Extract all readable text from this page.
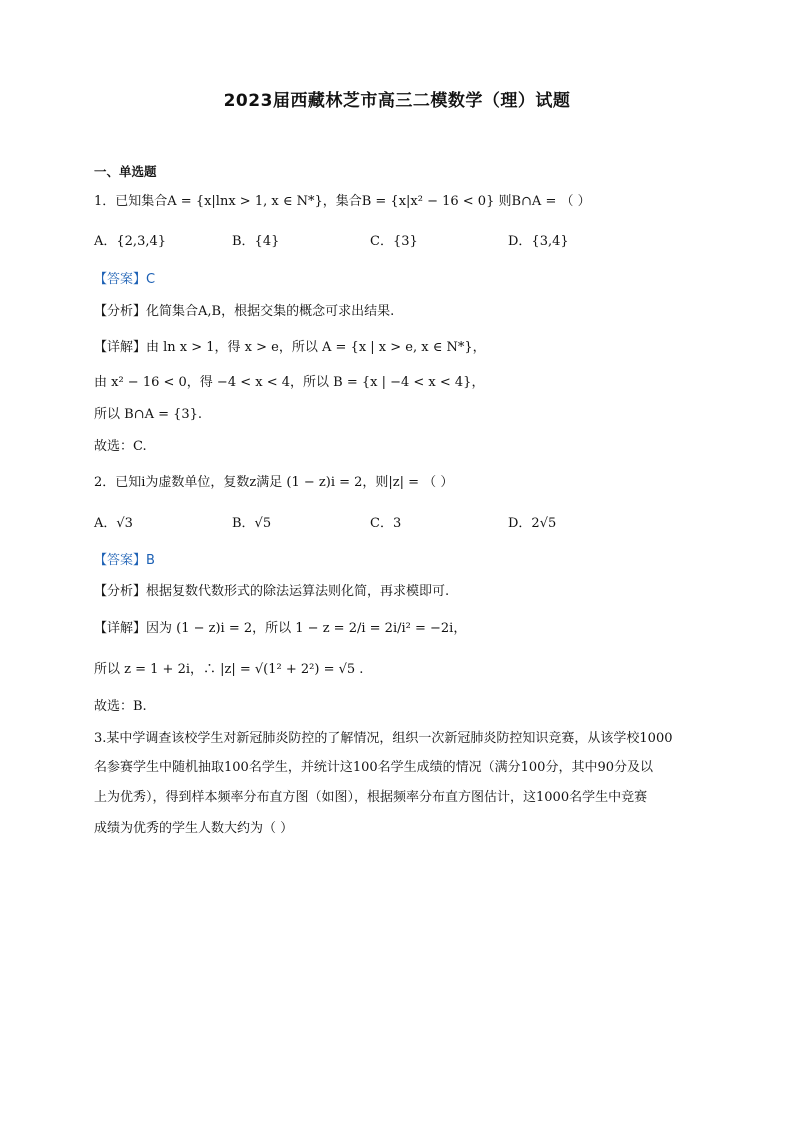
2023届西藏林芝市高三二模数学（理）试题
一、单选题
1．已知集合A = {x|lnx > 1, x ∈ N*}，集合B = {x|x² − 16 < 0} 则B∩A = （ ）
A．{2,3,4}	B．{4}	C．{3}	D．{3,4}
【答案】C
【分析】化简集合A,B，根据交集的概念可求出结果.
【详解】由 ln x > 1，得 x > e，所以 A = {x | x > e, x ∈ N*}，
由 x² − 16 < 0，得 −4 < x < 4，所以 B = {x | −4 < x < 4}，
所以 B∩A = {3}.
故选：C.
2．已知i为虚数单位，复数z满足 (1 − z)i = 2，则|z| = （ ）
A．√3	B．√5	C．3	D．2√5
【答案】B
【分析】根据复数代数形式的除法运算法则化简，再求模即可.
【详解】因为 (1 − z)i = 2，所以 1 − z = 2/i = 2i/i² = −2i，
所以 z = 1 + 2i，∴ |z| = √(1² + 2²) = √5 .
故选：B.
3.某中学调查该校学生对新冠肺炎防控的了解情况，组织一次新冠肺炎防控知识竞赛，从该学校1000
名参赛学生中随机抽取100名学生，并统计这100名学生成绩的情况（满分100分，其中90分及以
上为优秀），得到样本频率分布直方图（如图），根据频率分布直方图估计，这1000名学生中竞赛
成绩为优秀的学生人数大约为（ ）
